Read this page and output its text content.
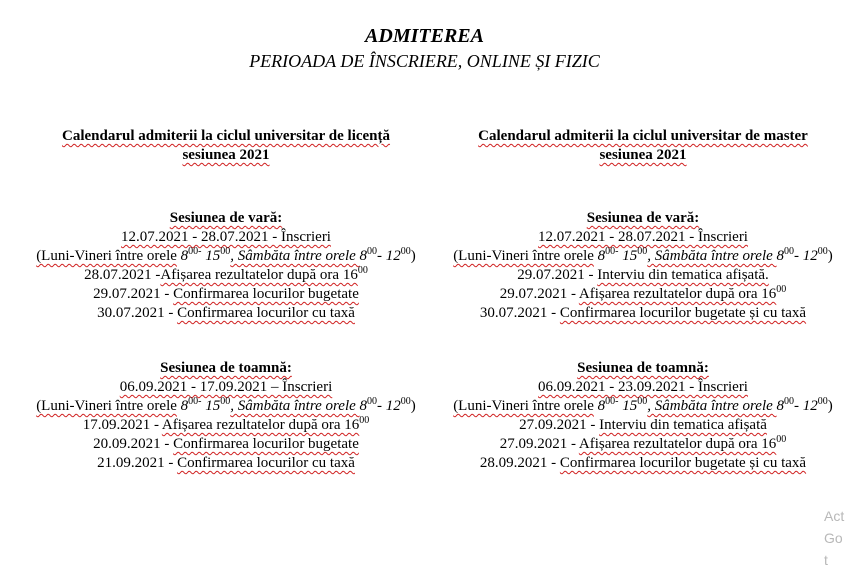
ADMITEREA
PERIOADA DE ÎNSCRIERE, ONLINE ȘI FIZIC
Calendarul admiterii la ciclul universitar de licență
sesiunea 2021
Sesiunea de vară:
12.07.2021 - 28.07.2021 - Înscrieri
(Luni-Vineri între orele $8^{00-}$ $15^{00}$, Sâmbăta între orele $8^{00}-$ $12^{00}$)
28.07.2021 -Afișarea rezultatelor după ora $16^{00}$
29.07.2021 - Confirmarea locurilor bugetate
30.07.2021 - Confirmarea locurilor cu taxă
Sesiunea de toamnă:
06.09.2021 - 17.09.2021 – Înscrieri
(Luni-Vineri între orele $8^{00-}$ $15^{00}$, Sâmbăta între orele $8^{00}-$ $12^{00}$)
17.09.2021 - Afișarea rezultatelor după ora $16^{00}$
20.09.2021 - Confirmarea locurilor bugetate
21.09.2021 - Confirmarea locurilor cu taxă
Calendarul admiterii la ciclul universitar de master
sesiunea 2021
Sesiunea de vară:
12.07.2021 - 28.07.2021 - Înscrieri
(Luni-Vineri între orele $8^{00-}$ $15^{00}$, Sâmbăta între orele $8^{00}-$ $12^{00}$)
29.07.2021 - Interviu din tematica afișată.
29.07.2021 - Afișarea rezultatelor după ora $16^{00}$
30.07.2021 - Confirmarea locurilor bugetate și cu taxă
Sesiunea de toamnă:
06.09.2021 - 23.09.2021 - Înscrieri
(Luni-Vineri între orele $8^{00-}$ $15^{00}$, Sâmbăta între orele $8^{00}-$ $12^{00}$)
27.09.2021 - Interviu din tematica afișată
27.09.2021 - Afișarea rezultatelor după ora $16^{00}$
28.09.2021 - Confirmarea locurilor bugetate și cu taxă
Act
Go t
